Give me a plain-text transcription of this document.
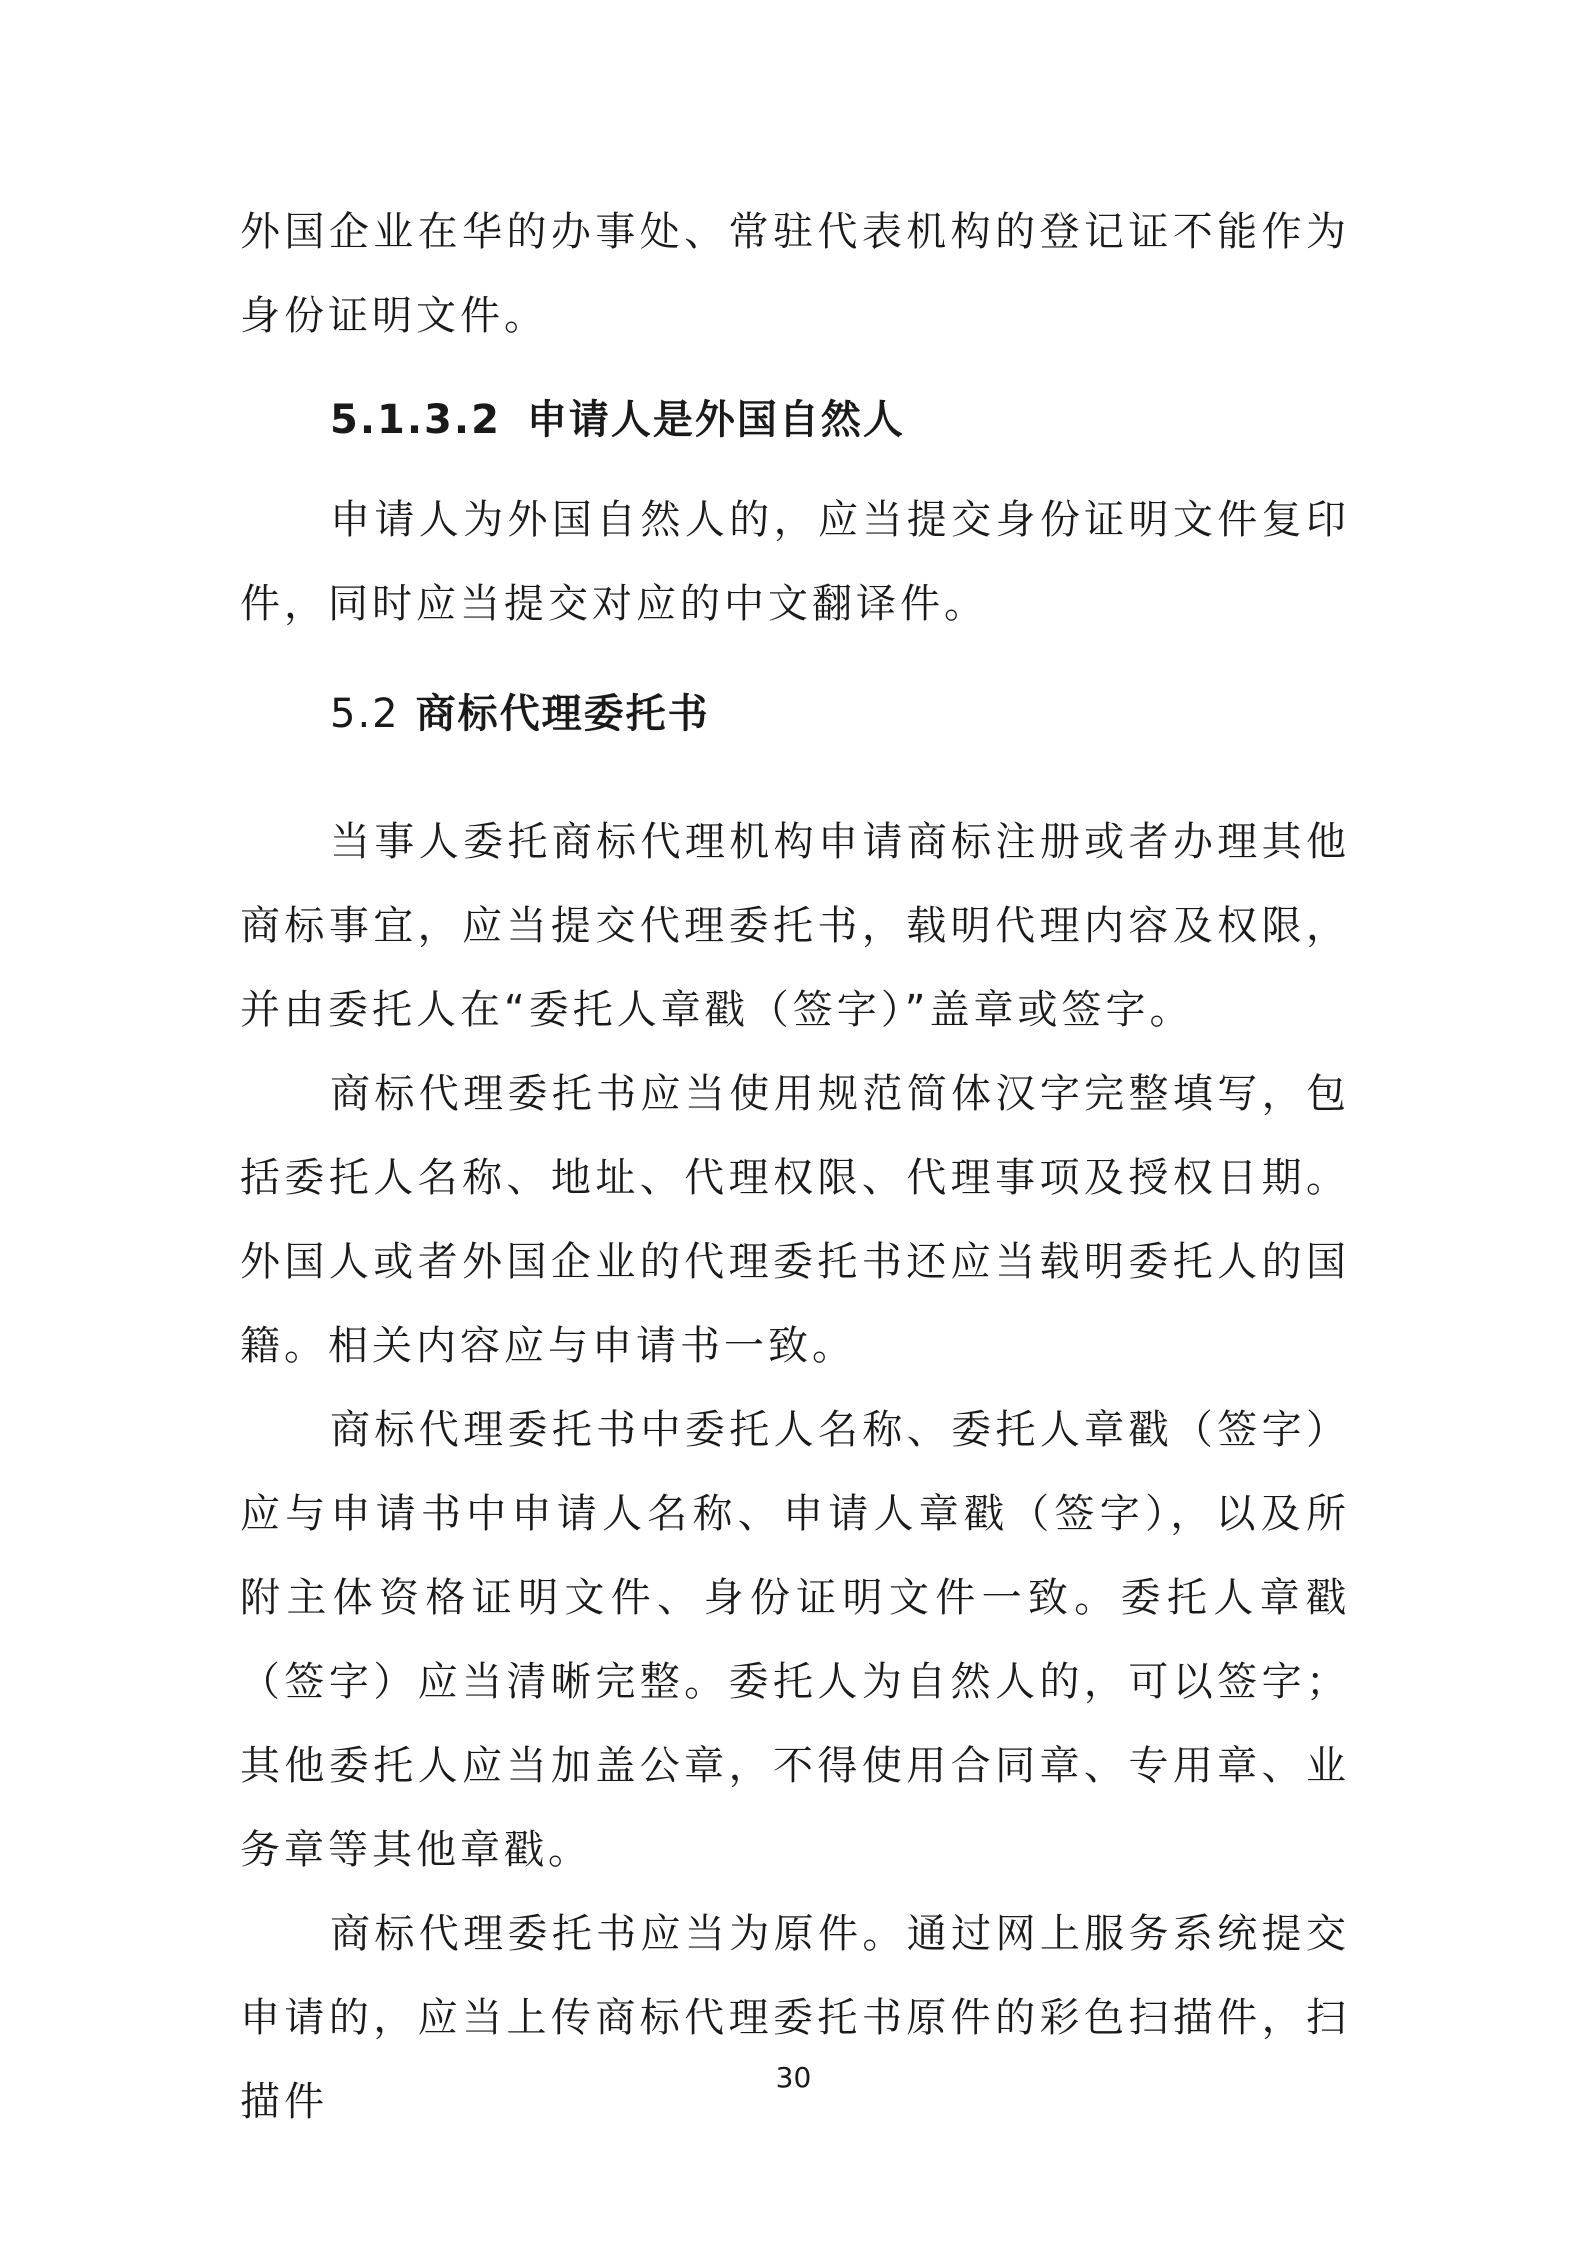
外国企业在华的办事处、常驻代表机构的登记证不能作为身份证明文件。

5.1.3.2 申请人是外国自然人

申请人为外国自然人的，应当提交身份证明文件复印件，同时应当提交对应的中文翻译件。

5.2 商标代理委托书

当事人委托商标代理机构申请商标注册或者办理其他商标事宜，应当提交代理委托书，载明代理内容及权限，并由委托人在“委托人章戳（签字）”盖章或签字。

商标代理委托书应当使用规范简体汉字完整填写，包括委托人名称、地址、代理权限、代理事项及授权日期。外国人或者外国企业的代理委托书还应当载明委托人的国籍。相关内容应与申请书一致。

商标代理委托书中委托人名称、委托人章戳（签字）应与申请书中申请人名称、申请人章戳（签字），以及所附主体资格证明文件、身份证明文件一致。委托人章戳（签字）应当清晰完整。委托人为自然人的，可以签字；其他委托人应当加盖公章，不得使用合同章、专用章、业务章等其他章戳。

商标代理委托书应当为原件。通过网上服务系统提交申请的，应当上传商标代理委托书原件的彩色扫描件，扫描件

30
